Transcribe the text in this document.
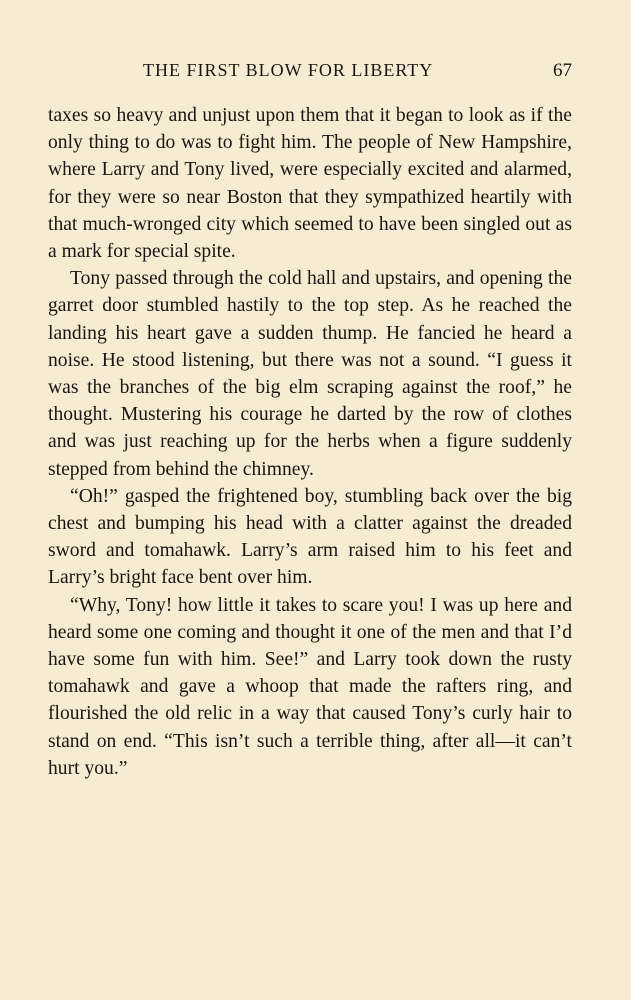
THE FIRST BLOW FOR LIBERTY	67

taxes so heavy and unjust upon them that it began to look as if the only thing to do was to fight him. The people of New Hampshire, where Larry and Tony lived, were especially excited and alarmed, for they were so near Boston that they sympathized heartily with that much-wronged city which seemed to have been singled out as a mark for special spite.

Tony passed through the cold hall and upstairs, and opening the garret door stumbled hastily to the top step. As he reached the landing his heart gave a sudden thump. He fancied he heard a noise. He stood listening, but there was not a sound. “I guess it was the branches of the big elm scraping against the roof,” he thought. Mustering his courage he darted by the row of clothes and was just reaching up for the herbs when a figure suddenly stepped from behind the chimney.

“Oh!” gasped the frightened boy, stumbling back over the big chest and bumping his head with a clatter against the dreaded sword and tomahawk. Larry’s arm raised him to his feet and Larry’s bright face bent over him.

“Why, Tony! how little it takes to scare you! I was up here and heard some one coming and thought it one of the men and that I’d have some fun with him. See!” and Larry took down the rusty tomahawk and gave a whoop that made the rafters ring, and flourished the old relic in a way that caused Tony’s curly hair to stand on end. “This isn’t such a terrible thing, after all—it can’t hurt you.”
